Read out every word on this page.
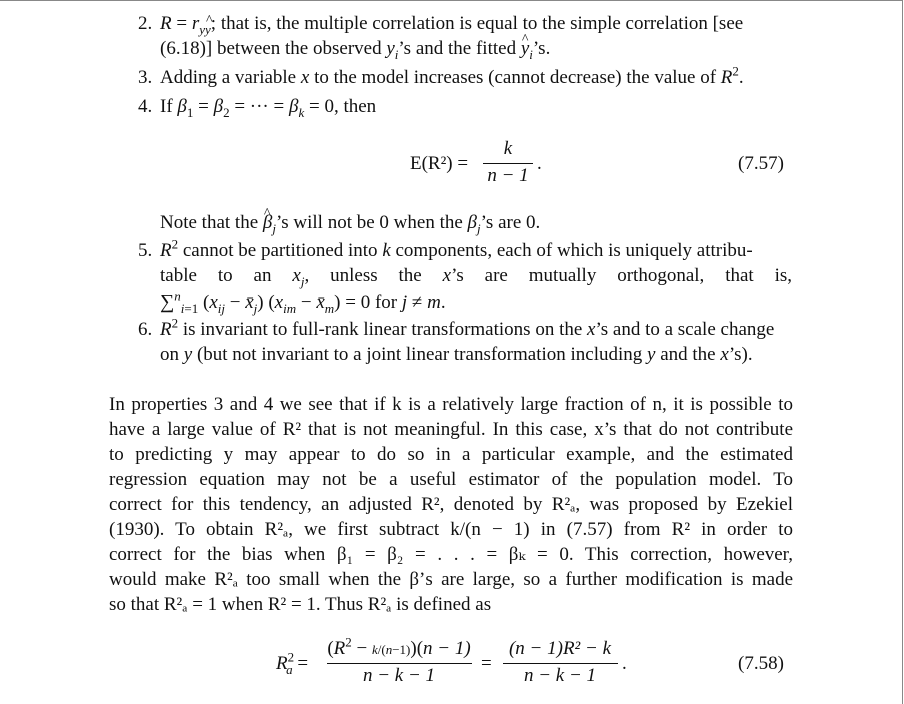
2. $R = r_{yy}$; that is, the multiple correlation is equal to the simple correlation [see
(6.18)] between the observed $y_i’s$ and the fitted ^ $y_i’s$.
3. Adding a variable x to the model increases (cannot decrease) the value of $R^2$.
4. If $\beta_1 = \beta_2$ = ··· = $\beta_k = 0$, then
E(R²) =
k
n − 1
.	(7.57)
Note that the ^ $\beta_j’s$ will not be 0 when the $\beta_j’s$ are 0.
5. $R^2$ cannot be partitioned into k components, each of which is uniquely attribu-
table to an $x_j$, unless the x’s are mutually orthogonal, that is,
∑$^n_{i=1}$ ($x_{ij}$ − $x̄_j$) ($x_{im}$ − $x̄_m) = 0$ for j ≠ m.
6. $R^2$ is invariant to full-rank linear transformations on the x’s and to a scale change
on y (but not invariant to a joint linear transformation including y and the x’s).
In properties 3 and 4 we see that if k is a relatively large fraction of n, it is possible to
have a large value of R² that is not meaningful. In this case, x’s that do not contribute
to predicting y may appear to do so in a particular example, and the estimated
regression equation may not be a useful estimator of the population model. To
correct for this tendency, an adjusted R², denoted by R²ₐ, was proposed by Ezekiel
(1930). To obtain R²ₐ, we first subtract k/(n − 1) in (7.57) from R² in order to
correct for the bias when β₁ = β₂ = . . . = βₖ = 0. This correction, however,
would make R²ₐ too small when the β’s are large, so a further modification is made
so that R²ₐ = 1 when R² = 1. Thus R²ₐ is defined as
$R^2_a$ =
$(R^2 - k/(n-1))(n - 1)$
n − k − 1
=
(n − 1)R² − k
n − k − 1
.	(7.58)
